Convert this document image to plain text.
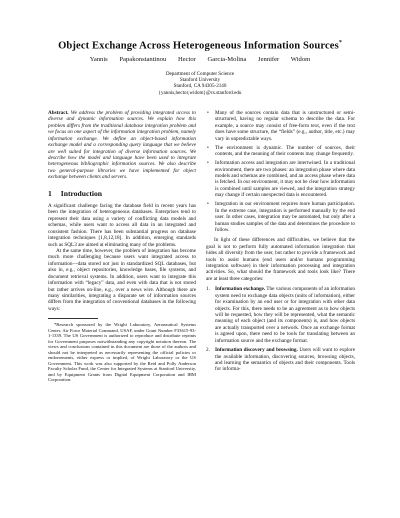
Object Exchange Across Heterogeneous Information Sources*
Yannis Papakonstantinou Hector Garcia-Molina Jennifer Widom
Department of Computer Science
Stanford University
Stanford, CA 94305-2140
{yannis,hector,widom}@cs.stanford.edu

Abstract. We address the problem of providing integrated access to diverse and dynamic information sources. We explain how this problem differs from the traditional database integration problem and we focus on one aspect of the information integration problem, namely information exchange. We define an object-based information exchange model and a corresponding query language that we believe are well suited for integration of diverse information sources. We describe how the model and language have been used to integrate heterogeneous bibliographic information sources. We also describe two general-purpose libraries we have implemented for object exchange between clients and servers.

1 Introduction

A significant challenge facing the database field in recent years has been the integration of heterogeneous databases. Enterprises tend to represent their data using a variety of conflicting data models and schemas, while users want to access all data in an integrated and consistent fashion. There has been substantial progress on database integration techniques [1,8,12,18]. In addition, emerging standards such as SQL3 are aimed at eliminating many of the problems.

At the same time, however, the problem of integration has become much more challenging because users want integrated access to information—data stored not just in standardized SQL databases, but also in, e.g., object repositories, knowledge bases, file systems, and document retrieval systems. In addition, users want to integrate this information with “legacy” data, and even with data that is not stored but rather arrives on-line, e.g., over a news wire. Although there are many similarities, integrating a disparate set of information sources differs from the integration of conventional databases in the following ways:

*Research sponsored by the Wright Laboratory, Aeronautical Systems Center, Air Force Material Command, USAF, under Grant Number F33615-93-1-1339. The US Government is authorized to reproduce and distribute reprints for Government purposes notwithstanding any copyright notation thereon. The views and conclusions contained in this document are those of the authors and should not be interpreted as necessarily representing the official policies or endorsements, either express or implied, of Wright Laboratory or the US Government. This work was also supported by the Reid and Polly Anderson Faculty Scholar Fund, the Center for Integrated Systems at Stanford University, and by Equipment Grants from Digital Equipment Corporation and IBM Corporation.

• Many of the sources contain data that is unstructured or semi-structured, having no regular schema to describe the data. For example, a source may consist of free-form text, even if the text does have some structure, the “fields” (e.g., author, title, etc.) may vary in unpredictable ways.
• The environment is dynamic. The number of sources, their contents, and the meaning of their contents may change frequently.
• Information access and integration are intertwined. In a traditional environment, there are two phases: an integration phase where data models and schemas are combined, and an access phase where data is fetched. In our environment, it may not be clear how information is combined until samples are viewed, and the integration strategy may change if certain unexpected data is encountered.
• Integration in our environment requires more human participation. In the extreme case, integration is performed manually by the end user. In other cases, integration may be automated, but only after a human studies samples of the data and determines the procedure to follow.

In light of these differences and difficulties, we believe that the goal is not to perform fully automated information integration that hides all diversity from the user, but rather to provide a framework and tools to assist humans (end users and/or humans programming integration software) in their information processing and integration activities. So, what should the framework and tools look like? There are at least three categories:

1. Information exchange. The various components of an information system need to exchange data objects (units of information), either for examination by an end user or for integration with other data objects. For this, there needs to be an agreement as to how objects will be requested, how they will be represented, what the semantic meaning of each object (and its components) is, and how objects are actually transported over a network. Once an exchange format is agreed upon, there need to be tools for translating between an information source and the exchange format.
2. Information discovery and browsing. Users will want to explore the available information, discovering sources, browsing objects, and learning the semantics of objects and their components. Tools for informa-
